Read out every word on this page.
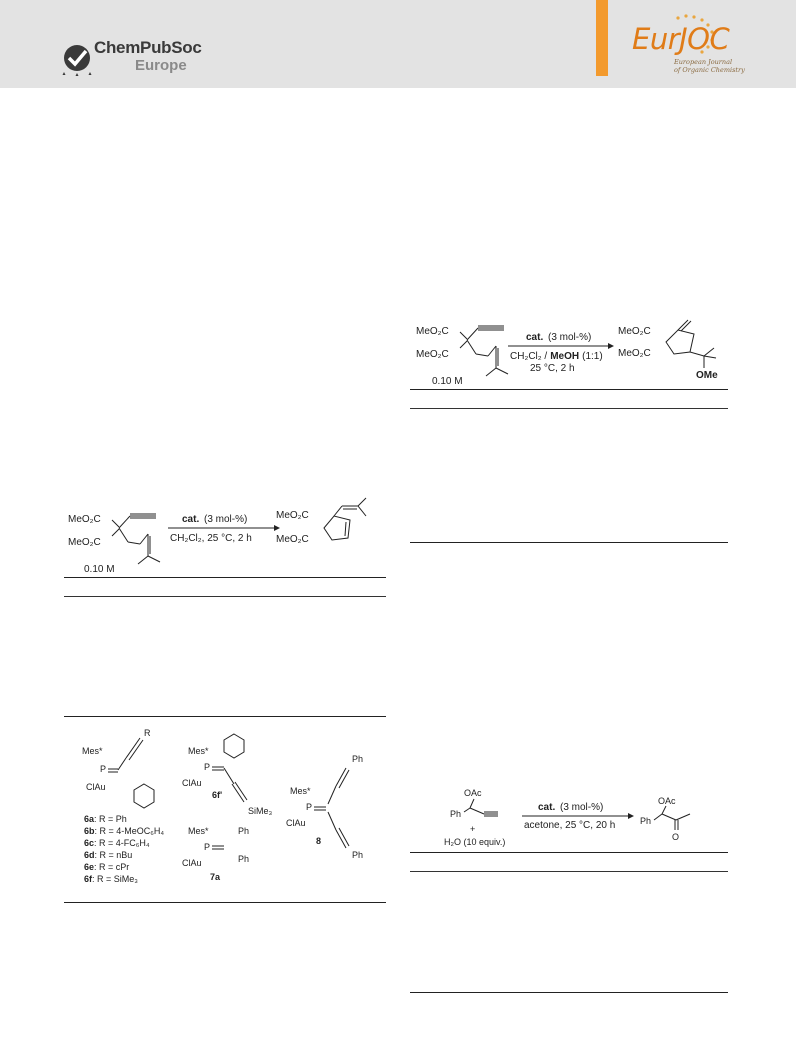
ChemPubSoc
Europe
EurJOC
European Journal
of Organic Chemistry
MeO₂C
MeO₂C
0.10 M
cat. (3 mol-%)
CH₂Cl₂, 25 °C, 2 h
MeO₂C
MeO₂C
R
Mes*
P
ClAu
6a: R = Ph
6b: R = 4-MeOC₆H₄
6c: R = 4-FC₆H₄
6d: R = nBu
6e: R = cPr
6f: R = SiMe₃
Mes*
P
ClAu
SiMe₃
6f'
Mes*
P
ClAu
Ph
Ph
7a
Mes*
P
ClAu
Ph
Ph
8
MeO₂C
MeO₂C
0.10 M
cat. (3 mol-%)
CH₂Cl₂ / MeOH (1:1)
25 °C, 2 h
MeO₂C
MeO₂C
OMe
OAc
Ph
+
H₂O (10 equiv.)
cat. (3 mol-%)
acetone, 25 °C, 20 h
OAc
Ph
O
